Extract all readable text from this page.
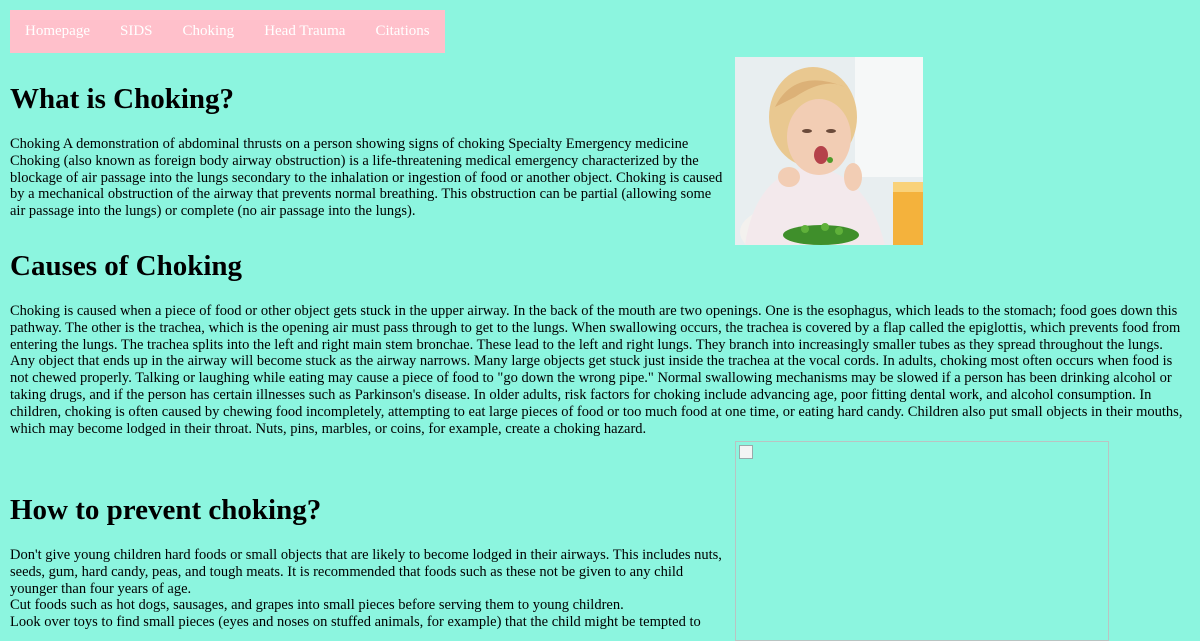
Homepage SIDS Choking Head Trauma Citations
What is Choking?

Choking A demonstration of abdominal thrusts on a person showing signs of choking Specialty Emergency medicine Choking (also known as foreign body airway obstruction) is a life-threatening medical emergency characterized by the blockage of air passage into the lungs secondary to the inhalation or ingestion of food or another object. Choking is caused by a mechanical obstruction of the airway that prevents normal breathing. This obstruction can be partial (allowing some air passage into the lungs) or complete (no air passage into the lungs).

Causes of Choking

Choking is caused when a piece of food or other object gets stuck in the upper airway. In the back of the mouth are two openings. One is the esophagus, which leads to the stomach; food goes down this pathway. The other is the trachea, which is the opening air must pass through to get to the lungs. When swallowing occurs, the trachea is covered by a flap called the epiglottis, which prevents food from entering the lungs. The trachea splits into the left and right main stem bronchae. These lead to the left and right lungs. They branch into increasingly smaller tubes as they spread throughout the lungs. Any object that ends up in the airway will become stuck as the airway narrows. Many large objects get stuck just inside the trachea at the vocal cords. In adults, choking most often occurs when food is not chewed properly. Talking or laughing while eating may cause a piece of food to "go down the wrong pipe." Normal swallowing mechanisms may be slowed if a person has been drinking alcohol or taking drugs, and if the person has certain illnesses such as Parkinson's disease. In older adults, risk factors for choking include advancing age, poor fitting dental work, and alcohol consumption. In children, choking is often caused by chewing food incompletely, attempting to eat large pieces of food or too much food at one time, or eating hard candy. Children also put small objects in their mouths, which may become lodged in their throat. Nuts, pins, marbles, or coins, for example, create a choking hazard.

How to prevent choking?

Don't give young children hard foods or small objects that are likely to become lodged in their airways. This includes nuts, seeds, gum, hard candy, peas, and tough meats. It is recommended that foods such as these not be given to any child younger than four years of age.

Cut foods such as hot dogs, sausages, and grapes into small pieces before serving them to young children.

Look over toys to find small pieces (eyes and noses on stuffed animals, for example) that the child might be tempted to
